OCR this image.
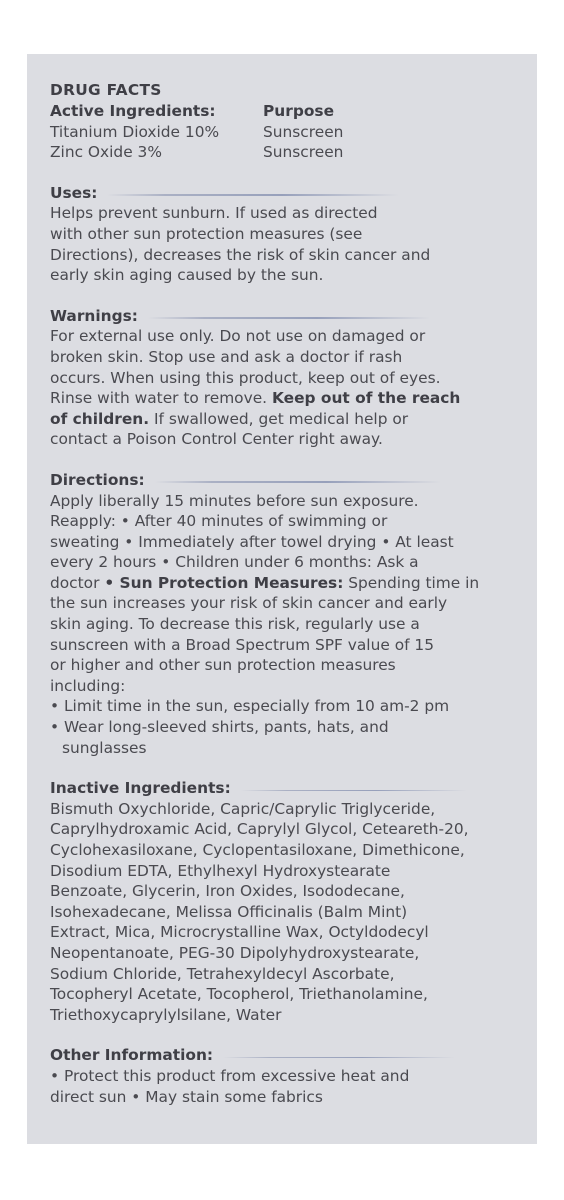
DRUG FACTS
Active Ingredients:	Purpose
Titanium Dioxide 10%	Sunscreen
Zinc Oxide 3%	Sunscreen
Uses:
Helps prevent sunburn. If used as directed
with other sun protection measures (see
Directions), decreases the risk of skin cancer and
early skin aging caused by the sun.
Warnings:
For external use only. Do not use on damaged or
broken skin. Stop use and ask a doctor if rash
occurs. When using this product, keep out of eyes.
Rinse with water to remove. Keep out of the reach
of children. If swallowed, get medical help or
contact a Poison Control Center right away.
Directions:
Apply liberally 15 minutes before sun exposure.
Reapply: • After 40 minutes of swimming or
sweating • Immediately after towel drying • At least
every 2 hours • Children under 6 months: Ask a
doctor • Sun Protection Measures: Spending time in
the sun increases your risk of skin cancer and early
skin aging. To decrease this risk, regularly use a
sunscreen with a Broad Spectrum SPF value of 15
or higher and other sun protection measures
including:
• Limit time in the sun, especially from 10 am-2 pm
• Wear long-sleeved shirts, pants, hats, and
sunglasses
Inactive Ingredients:
Bismuth Oxychloride, Capric/Caprylic Triglyceride,
Caprylhydroxamic Acid, Caprylyl Glycol, Ceteareth-20,
Cyclohexasiloxane, Cyclopentasiloxane, Dimethicone,
Disodium EDTA, Ethylhexyl Hydroxystearate
Benzoate, Glycerin, Iron Oxides, Isododecane,
Isohexadecane, Melissa Officinalis (Balm Mint)
Extract, Mica, Microcrystalline Wax, Octyldodecyl
Neopentanoate, PEG-30 Dipolyhydroxystearate,
Sodium Chloride, Tetrahexyldecyl Ascorbate,
Tocopheryl Acetate, Tocopherol, Triethanolamine,
Triethoxycaprylylsilane, Water
Other Information:
• Protect this product from excessive heat and
direct sun • May stain some fabrics
